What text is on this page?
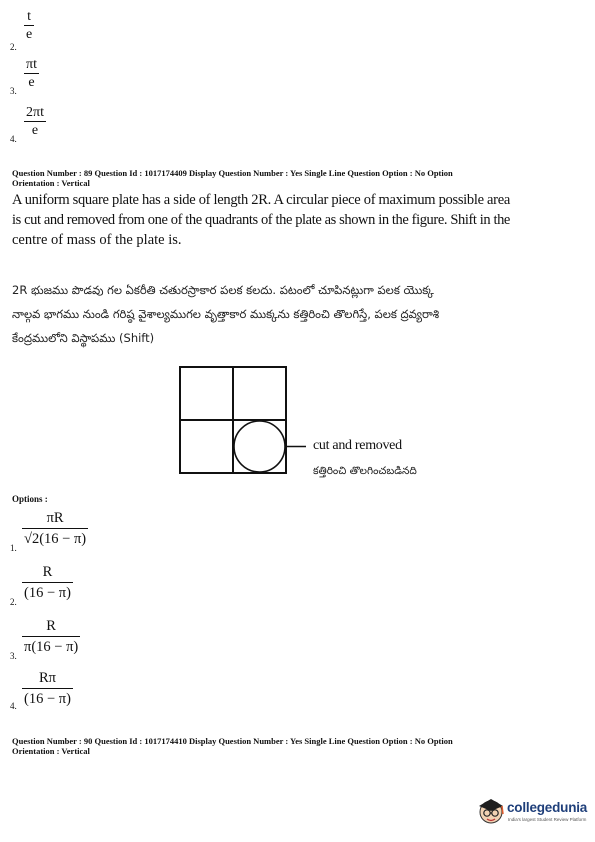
2.
$\frac{t}{e}$
3. $\frac{\pi t}{e}$
4. $\frac{2\pi t}{e}$
Question Number : 89 Question Id : 1017174409 Display Question Number : Yes Single Line Question Option : No Option
Orientation : Vertical
A uniform square plate has a side of length 2R. A circular piece of maximum possible area
is cut and removed from one of the quadrants of the plate as shown in the figure. Shift in the
centre of mass of the plate is.
2R భుజము పొడవు గల ఏకరీతి చతురస్రాకార పలక కలదు. పటంలో చూపినట్లుగా పలక యొక్క
నాల్గవ భాగము నుండి గరిష్ఠ వైశాల్యముగల వృత్తాకార ముక్కను కత్తిరించి తొలగిస్తే, పలక ద్రవ్యరాశి
కేంద్రములోని విస్థాపము (Shift)
cut and removed
కత్తిరించి తొలగించబడినది
Options :
1. $\frac{\pi R}{√2(16 - \pi)}$
2. $\frac{R}{(16 - \pi)}$
3. $\frac{R}{\pi(16 - \pi)}$
4. $\frac{R\pi}{(16 - \pi)}$
Question Number : 90 Question Id : 1017174410 Display Question Number : Yes Single Line Question Option : No Option
Orientation : Vertical
collegedunia
India's largest Student Review Platform
